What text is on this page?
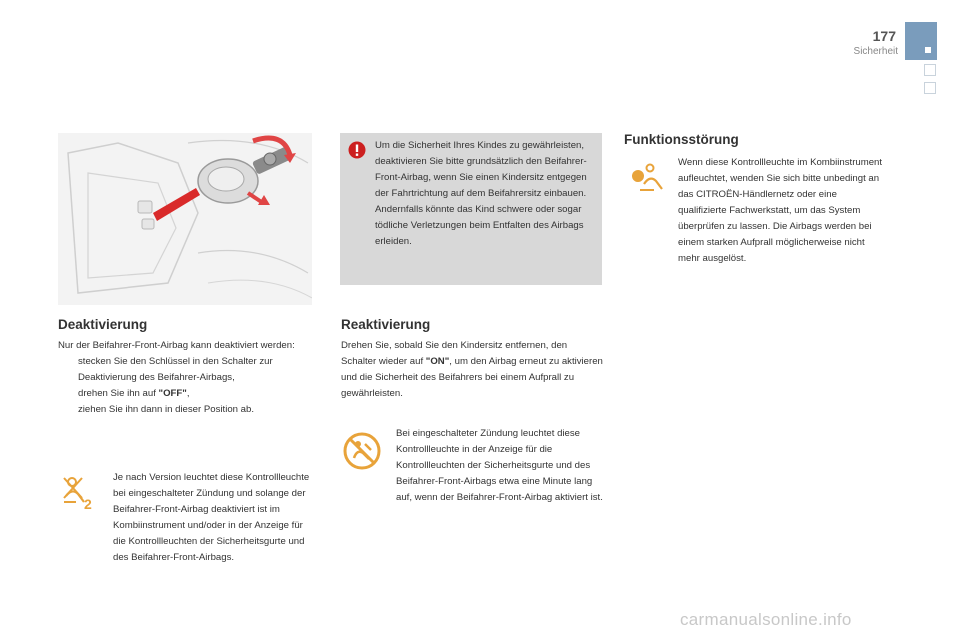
177
Sicherheit

Um die Sicherheit Ihres Kindes zu gewährleisten, deaktivieren Sie bitte grundsätzlich den Beifahrer-Front-Airbag, wenn Sie einen Kindersitz entgegen der Fahrtrichtung auf dem Beifahrersitz einbauen.

Andernfalls könnte das Kind schwere oder sogar tödliche Verletzungen beim Entfalten des Airbags erleiden.

Deaktivierung

Nur der Beifahrer-Front-Airbag kann deaktiviert werden:

stecken Sie den Schlüssel in den Schalter zur Deaktivierung des Beifahrer-Airbags,

drehen Sie ihn auf "OFF",

ziehen Sie ihn dann in dieser Position ab.

2
Je nach Version leuchtet diese Kontrollleuchte bei eingeschalteter Zündung und solange der Beifahrer-Front-Airbag deaktiviert ist im Kombiinstrument und/oder in der Anzeige für die Kontrollleuchten der Sicherheitsgurte und des Beifahrer-Front-Airbags.
Reaktivierung
Drehen Sie, sobald Sie den Kindersitz entfernen, den Schalter wieder auf "ON", um den Airbag erneut zu aktivieren und die Sicherheit des Beifahrers bei einem Aufprall zu gewährleisten.
Bei eingeschalteter Zündung leuchtet diese Kontrollleuchte in der Anzeige für die Kontrollleuchten der Sicherheitsgurte und des Beifahrer-Front-Airbags etwa eine Minute lang auf, wenn der Beifahrer-Front-Airbag aktiviert ist.
Funktionsstörung
Wenn diese Kontrollleuchte im Kombiinstrument aufleuchtet, wenden Sie sich bitte unbedingt an das CITROËN-Händlernetz oder eine qualifizierte Fachwerkstatt, um das System überprüfen zu lassen. Die Airbags werden bei einem starken Aufprall möglicherweise nicht mehr ausgelöst.
carmanualsonline.info
